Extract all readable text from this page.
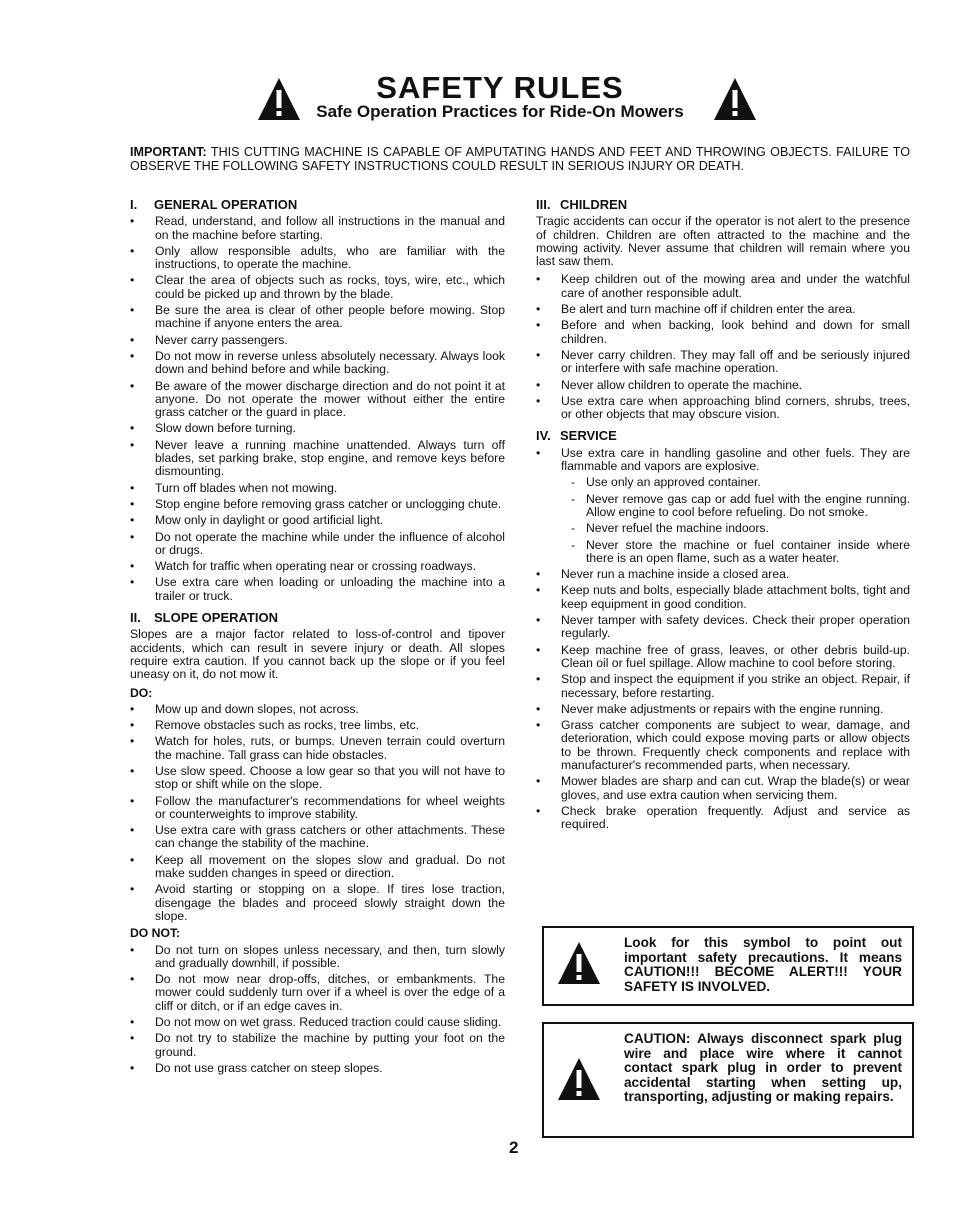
SAFETY RULES
Safe Operation Practices for Ride-On Mowers
IMPORTANT: THIS CUTTING MACHINE IS CAPABLE OF AMPUTATING HANDS AND FEET AND THROWING OBJECTS. FAILURE TO OBSERVE THE FOLLOWING SAFETY INSTRUCTIONS COULD RESULT IN SERIOUS INJURY OR DEATH.
I.	GENERAL OPERATION
• Read, understand, and follow all instructions in the manual and on the machine before starting.
• Only allow responsible adults, who are familiar with the instructions, to operate the machine.
• Clear the area of objects such as rocks, toys, wire, etc., which could be picked up and thrown by the blade.
• Be sure the area is clear of other people before mowing. Stop machine if anyone enters the area.
• Never carry passengers.
• Do not mow in reverse unless absolutely necessary. Always look down and behind before and while backing.
• Be aware of the mower discharge direction and do not point it at anyone. Do not operate the mower without either the entire grass catcher or the guard in place.
• Slow down before turning.
• Never leave a running machine unattended. Always turn off blades, set parking brake, stop engine, and remove keys before dismounting.
• Turn off blades when not mowing.
• Stop engine before removing grass catcher or unclogging chute.
• Mow only in daylight or good artificial light.
• Do not operate the machine while under the influence of alcohol or drugs.
• Watch for traffic when operating near or crossing roadways.
• Use extra care when loading or unloading the machine into a trailer or truck.
II.	SLOPE OPERATION

Slopes are a major factor related to loss-of-control and tipover accidents, which can result in severe injury or death. All slopes require extra caution. If you cannot back up the slope or if you feel uneasy on it, do not mow it.

DO:
• Mow up and down slopes, not across.
• Remove obstacles such as rocks, tree limbs, etc.
• Watch for holes, ruts, or bumps. Uneven terrain could overturn the machine. Tall grass can hide obstacles.
• Use slow speed. Choose a low gear so that you will not have to stop or shift while on the slope.
• Follow the manufacturer's recommendations for wheel weights or counterweights to improve stability.
• Use extra care with grass catchers or other attachments. These can change the stability of the machine.
• Keep all movement on the slopes slow and gradual. Do not make sudden changes in speed or direction.
• Avoid starting or stopping on a slope. If tires lose traction, disengage the blades and proceed slowly straight down the slope.
DO NOT:
• Do not turn on slopes unless necessary, and then, turn slowly and gradually downhill, if possible.
• Do not mow near drop-offs, ditches, or embankments. The mower could suddenly turn over if a wheel is over the edge of a cliff or ditch, or if an edge caves in.
• Do not mow on wet grass. Reduced traction could cause sliding.
• Do not try to stabilize the machine by putting your foot on the ground.
• Do not use grass catcher on steep slopes.
III. CHILDREN

Tragic accidents can occur if the operator is not alert to the presence of children. Children are often attracted to the machine and the mowing activity. Never assume that children will remain where you last saw them.

• Keep children out of the mowing area and under the watchful care of another responsible adult.
• Be alert and turn machine off if children enter the area.
• Before and when backing, look behind and down for small children.
• Never carry children. They may fall off and be seriously injured or interfere with safe machine operation.
• Never allow children to operate the machine.
• Use extra care when approaching blind corners, shrubs, trees, or other objects that may obscure vision.
IV. SERVICE
• Use extra care in handling gasoline and other fuels. They are flammable and vapors are explosive.
- Use only an approved container.
- Never remove gas cap or add fuel with the engine running. Allow engine to cool before refueling. Do not smoke.
- Never refuel the machine indoors.
- Never store the machine or fuel container inside where there is an open flame, such as a water heater.
• Never run a machine inside a closed area.
• Keep nuts and bolts, especially blade attachment bolts, tight and keep equipment in good condition.
• Never tamper with safety devices. Check their proper operation regularly.
• Keep machine free of grass, leaves, or other debris build-up. Clean oil or fuel spillage. Allow machine to cool before storing.
• Stop and inspect the equipment if you strike an object. Repair, if necessary, before restarting.
• Never make adjustments or repairs with the engine running.
• Grass catcher components are subject to wear, damage, and deterioration, which could expose moving parts or allow objects to be thrown. Frequently check components and replace with manufacturer's recommended parts, when necessary.
• Mower blades are sharp and can cut. Wrap the blade(s) or wear gloves, and use extra caution when servicing them.
• Check brake operation frequently. Adjust and service as required.
Look for this symbol to point out important safety precautions. It means CAUTION!!! BECOME ALERT!!! YOUR SAFETY IS INVOLVED.
CAUTION: Always disconnect spark plug wire and place wire where it cannot contact spark plug in order to prevent accidental starting when setting up, transporting, adjusting or making repairs.
2
